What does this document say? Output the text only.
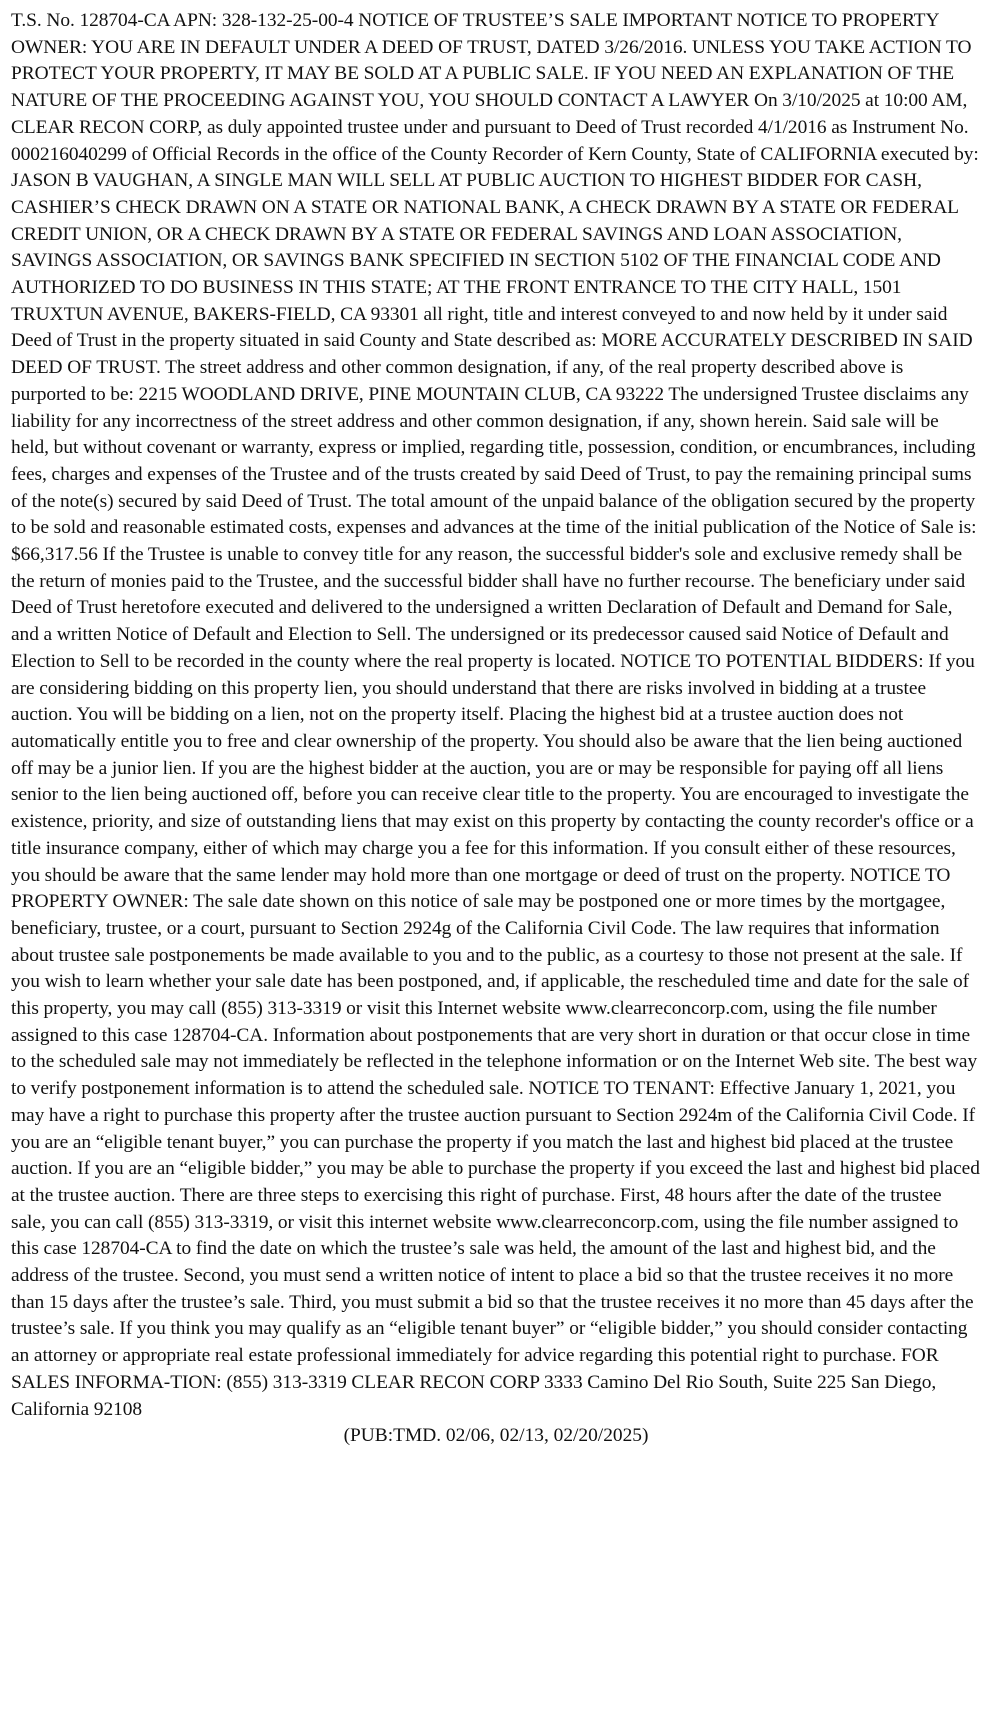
T.S. No. 128704-CA APN: 328-132-25-00-4 NOTICE OF TRUSTEE’S SALE IMPORTANT NOTICE TO PROPERTY OWNER: YOU ARE IN DEFAULT UNDER A DEED OF TRUST, DATED 3/26/2016. UNLESS YOU TAKE ACTION TO PROTECT YOUR PROPERTY, IT MAY BE SOLD AT A PUBLIC SALE. IF YOU NEED AN EXPLANATION OF THE NATURE OF THE PROCEEDING AGAINST YOU, YOU SHOULD CONTACT A LAWYER On 3/10/2025 at 10:00 AM, CLEAR RECON CORP, as duly appointed trustee under and pursuant to Deed of Trust recorded 4/1/2016 as Instrument No. 000216040299 of Official Records in the office of the County Recorder of Kern County, State of CALIFORNIA executed by: JASON B VAUGHAN, A SINGLE MAN WILL SELL AT PUBLIC AUCTION TO HIGHEST BIDDER FOR CASH, CASHIER’S CHECK DRAWN ON A STATE OR NATIONAL BANK, A CHECK DRAWN BY A STATE OR FEDERAL CREDIT UNION, OR A CHECK DRAWN BY A STATE OR FEDERAL SAVINGS AND LOAN ASSOCIATION, SAVINGS ASSOCIATION, OR SAVINGS BANK SPECIFIED IN SECTION 5102 OF THE FINANCIAL CODE AND AUTHORIZED TO DO BUSINESS IN THIS STATE; AT THE FRONT ENTRANCE TO THE CITY HALL, 1501 TRUXTUN AVENUE, BAKERS-FIELD, CA 93301 all right, title and interest conveyed to and now held by it under said Deed of Trust in the property situated in said County and State described as: MORE ACCURATELY DESCRIBED IN SAID DEED OF TRUST. The street address and other common designation, if any, of the real property described above is purported to be: 2215 WOODLAND DRIVE, PINE MOUNTAIN CLUB, CA 93222 The undersigned Trustee disclaims any liability for any incorrectness of the street address and other common designation, if any, shown herein. Said sale will be held, but without covenant or warranty, express or implied, regarding title, possession, condition, or encumbrances, including fees, charges and expenses of the Trustee and of the trusts created by said Deed of Trust, to pay the remaining principal sums of the note(s) secured by said Deed of Trust. The total amount of the unpaid balance of the obligation secured by the property to be sold and reasonable estimated costs, expenses and advances at the time of the initial publication of the Notice of Sale is: $66,317.56 If the Trustee is unable to convey title for any reason, the successful bidder's sole and exclusive remedy shall be the return of monies paid to the Trustee, and the successful bidder shall have no further recourse. The beneficiary under said Deed of Trust heretofore executed and delivered to the undersigned a written Declaration of Default and Demand for Sale, and a written Notice of Default and Election to Sell. The undersigned or its predecessor caused said Notice of Default and Election to Sell to be recorded in the county where the real property is located. NOTICE TO POTENTIAL BIDDERS: If you are considering bidding on this property lien, you should understand that there are risks involved in bidding at a trustee auction. You will be bidding on a lien, not on the property itself. Placing the highest bid at a trustee auction does not automatically entitle you to free and clear ownership of the property. You should also be aware that the lien being auctioned off may be a junior lien. If you are the highest bidder at the auction, you are or may be responsible for paying off all liens senior to the lien being auctioned off, before you can receive clear title to the property. You are encouraged to investigate the existence, priority, and size of outstanding liens that may exist on this property by contacting the county recorder's office or a title insurance company, either of which may charge you a fee for this information. If you consult either of these resources, you should be aware that the same lender may hold more than one mortgage or deed of trust on the property. NOTICE TO PROPERTY OWNER: The sale date shown on this notice of sale may be postponed one or more times by the mortgagee, beneficiary, trustee, or a court, pursuant to Section 2924g of the California Civil Code. The law requires that information about trustee sale postponements be made available to you and to the public, as a courtesy to those not present at the sale. If you wish to learn whether your sale date has been postponed, and, if applicable, the rescheduled time and date for the sale of this property, you may call (855) 313-3319 or visit this Internet website www.clearreconcorp.com, using the file number assigned to this case 128704-CA. Information about postponements that are very short in duration or that occur close in time to the scheduled sale may not immediately be reflected in the telephone information or on the Internet Web site. The best way to verify postponement information is to attend the scheduled sale. NOTICE TO TENANT: Effective January 1, 2021, you may have a right to purchase this property after the trustee auction pursuant to Section 2924m of the California Civil Code. If you are an “eligible tenant buyer,” you can purchase the property if you match the last and highest bid placed at the trustee auction. If you are an “eligible bidder,” you may be able to purchase the property if you exceed the last and highest bid placed at the trustee auction. There are three steps to exercising this right of purchase. First, 48 hours after the date of the trustee sale, you can call (855) 313-3319, or visit this internet website www.clearreconcorp.com, using the file number assigned to this case 128704-CA to find the date on which the trustee’s sale was held, the amount of the last and highest bid, and the address of the trustee. Second, you must send a written notice of intent to place a bid so that the trustee receives it no more than 15 days after the trustee’s sale. Third, you must submit a bid so that the trustee receives it no more than 45 days after the trustee’s sale. If you think you may qualify as an “eligible tenant buyer” or “eligible bidder,” you should consider contacting an attorney or appropriate real estate professional immediately for advice regarding this potential right to purchase. FOR SALES INFORMA-TION: (855) 313-3319 CLEAR RECON CORP 3333 Camino Del Rio South, Suite 225 San Diego, California 92108

(PUB:TMD. 02/06, 02/13, 02/20/2025)
